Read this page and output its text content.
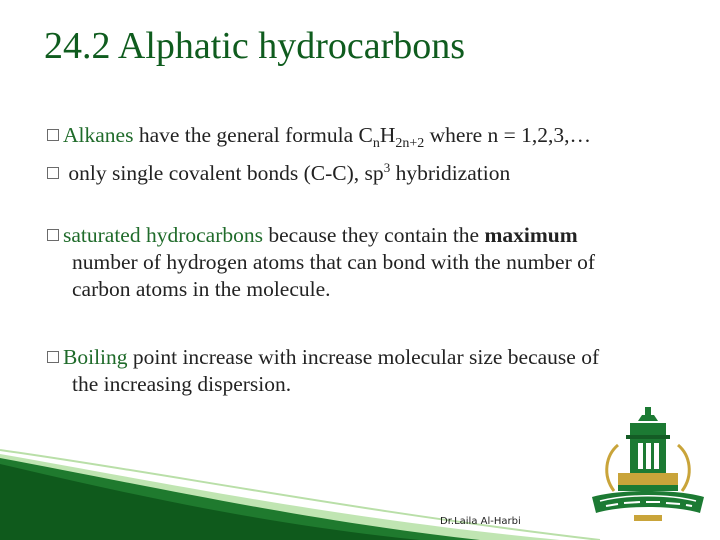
24.2 Alphatic hydrocarbons
Alkanes have the general formula $C_nH_{2n+2}$ where n = 1,2,3,…
only single covalent bonds (C-C), $sp^3$ hybridization
saturated hydrocarbons because they contain the maximum
number of hydrogen atoms that can bond with the number of
carbon atoms in the molecule.
Boiling point increase with increase molecular size because of
the increasing dispersion.
Dr.Laila Al-Harbi
